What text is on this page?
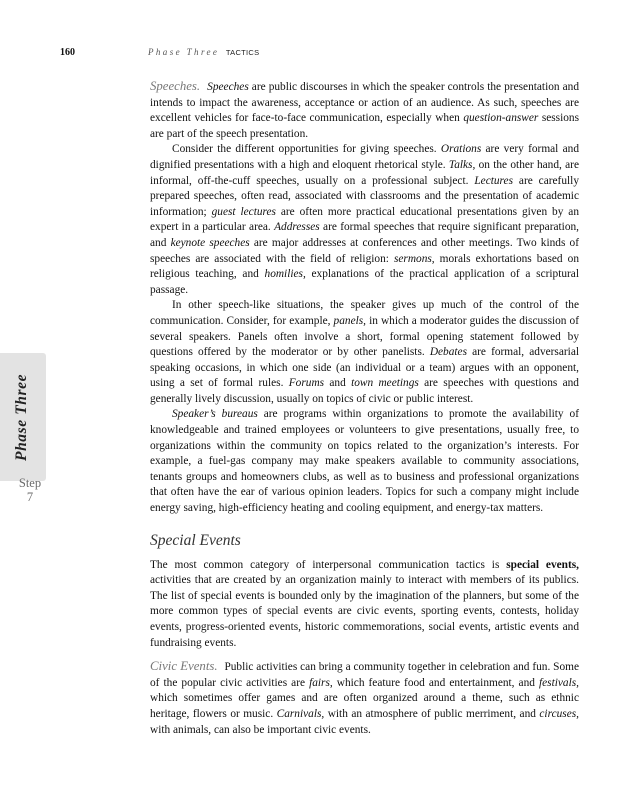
160	Phase Three TACTICS
Phase Three
Step
7

Speeches. Speeches are public discourses in which the speaker controls the presentation and intends to impact the awareness, acceptance or action of an audience. As such, speeches are excellent vehicles for face-to-face communication, especially when question-answer sessions are part of the speech presentation.

Consider the different opportunities for giving speeches. Orations are very formal and dignified presentations with a high and eloquent rhetorical style. Talks, on the other hand, are informal, off-the-cuff speeches, usually on a professional subject. Lectures are carefully prepared speeches, often read, associated with classrooms and the presentation of academic information; guest lectures are often more practical educational presentations given by an expert in a particular area. Addresses are formal speeches that require significant preparation, and keynote speeches are major addresses at conferences and other meetings. Two kinds of speeches are associated with the field of religion: sermons, morals exhortations based on religious teaching, and homilies, explanations of the practical application of a scriptural passage.

In other speech-like situations, the speaker gives up much of the control of the communication. Consider, for example, panels, in which a moderator guides the discussion of several speakers. Panels often involve a short, formal opening statement followed by questions offered by the moderator or by other panelists. Debates are formal, adversarial speaking occasions, in which one side (an individual or a team) argues with an opponent, using a set of formal rules. Forums and town meetings are speeches with questions and generally lively discussion, usually on topics of civic or public interest.

Speaker’s bureaus are programs within organizations to promote the availability of knowledgeable and trained employees or volunteers to give presentations, usually free, to organizations within the community on topics related to the organization’s interests. For example, a fuel-gas company may make speakers available to community associations, tenants groups and homeowners clubs, as well as to business and professional organizations that often have the ear of various opinion leaders. Topics for such a company might include energy saving, high-efficiency heating and cooling equipment, and energy-tax matters.

Special Events

The most common category of interpersonal communication tactics is special events, activities that are created by an organization mainly to interact with members of its publics. The list of special events is bounded only by the imagination of the planners, but some of the more common types of special events are civic events, sporting events, contests, holiday events, progress-oriented events, historic commemorations, social events, artistic events and fundraising events.

Civic Events. Public activities can bring a community together in celebration and fun. Some of the popular civic activities are fairs, which feature food and entertainment, and festivals, which sometimes offer games and are often organized around a theme, such as ethnic heritage, flowers or music. Carnivals, with an atmosphere of public merriment, and circuses, with animals, can also be important civic events.
